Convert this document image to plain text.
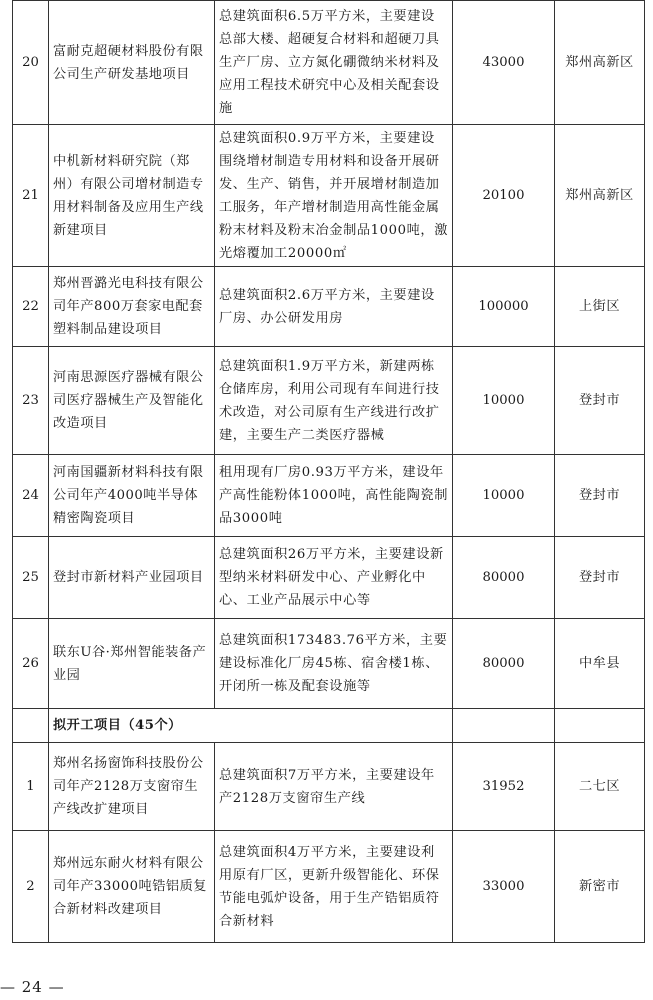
20	富耐克超硬材料股份有限公司生产研发基地项目	总建筑面积6.5万平方米，主要建设总部大楼、超硬复合材料和超硬刀具生产厂房、立方氮化硼微纳米材料及应用工程技术研究中心及相关配套设施	43000	郑州高新区
21	中机新材料研究院（郑州）有限公司增材制造专用材料制备及应用生产线新建项目	总建筑面积0.9万平方米，主要建设围绕增材制造专用材料和设备开展研发、生产、销售，并开展增材制造加工服务，年产增材制造用高性能金属粉末材料及粉末冶金制品1000吨，激光熔覆加工20000㎡	20100	郑州高新区
22	郑州晋潞光电科技有限公司年产800万套家电配套塑料制品建设项目	总建筑面积2.6万平方米，主要建设厂房、办公研发用房	100000	上街区
23	河南思源医疗器械有限公司医疗器械生产及智能化改造项目	总建筑面积1.9万平方米，新建两栋仓储库房，利用公司现有车间进行技术改造，对公司原有生产线进行改扩建，主要生产二类医疗器械	10000	登封市
24	河南国疆新材料科技有限公司年产4000吨半导体精密陶瓷项目	租用现有厂房0.93万平方米，建设年产高性能粉体1000吨，高性能陶瓷制品3000吨	10000	登封市
25	登封市新材料产业园项目	总建筑面积26万平方米，主要建设新型纳米材料研发中心、产业孵化中心、工业产品展示中心等	80000	登封市
26	联东U谷·郑州智能装备产业园	总建筑面积173483.76平方米，主要建设标准化厂房45栋、宿舍楼1栋、开闭所一栋及配套设施等	80000	中牟县
	拟开工项目（45个）			
1	郑州名扬窗饰科技股份公司年产2128万支窗帘生产线改扩建项目	总建筑面积7万平方米，主要建设年产2128万支窗帘生产线	31952	二七区
2	郑州远东耐火材料有限公司年产33000吨锆铝质复合新材料改建项目	总建筑面积4万平方米，主要建设利用原有厂区，更新升级智能化、环保节能电弧炉设备，用于生产锆铝质符合新材料	33000	新密市
— 24 —
